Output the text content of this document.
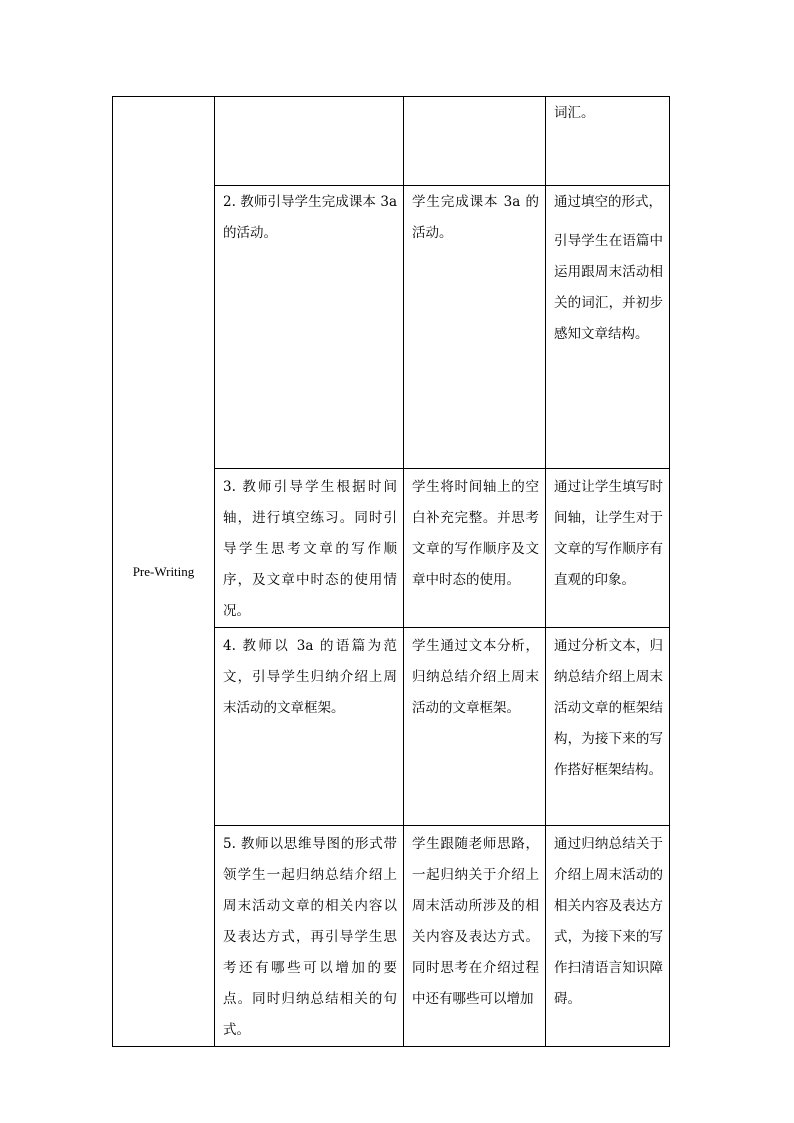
Pre-Writing			词汇。

	2. 教师引导学生完成课本 3a 的活动。	学生完成课本 3a 的活动。	通过填空的形式，
引导学生在语篇中运用跟周末活动相关的词汇，并初步感知文章结构。

	3. 教师引导学生根据时间轴，进行填空练习。同时引导学生思考文章的写作顺序，及文章中时态的使用情况。	学生将时间轴上的空白补充完整。并思考文章的写作顺序及文章中时态的使用。	通过让学生填写时间轴，让学生对于文章的写作顺序有直观的印象。

	4. 教师以 3a 的语篇为范文，引导学生归纳介绍上周末活动的文章框架。	学生通过文本分析，归纳总结介绍上周末活动的文章框架。	通过分析文本，归纳总结介绍上周末活动文章的框架结构，为接下来的写作搭好框架结构。

	5. 教师以思维导图的形式带领学生一起归纳总结介绍上周末活动文章的相关内容以及表达方式，再引导学生思考还有哪些可以增加的要点。同时归纳总结相关的句式。	学生跟随老师思路，一起归纳关于介绍上周末活动所涉及的相关内容及表达方式。同时思考在介绍过程中还有哪些可以增加	通过归纳总结关于介绍上周末活动的相关内容及表达方式，为接下来的写作扫清语言知识障碍。
